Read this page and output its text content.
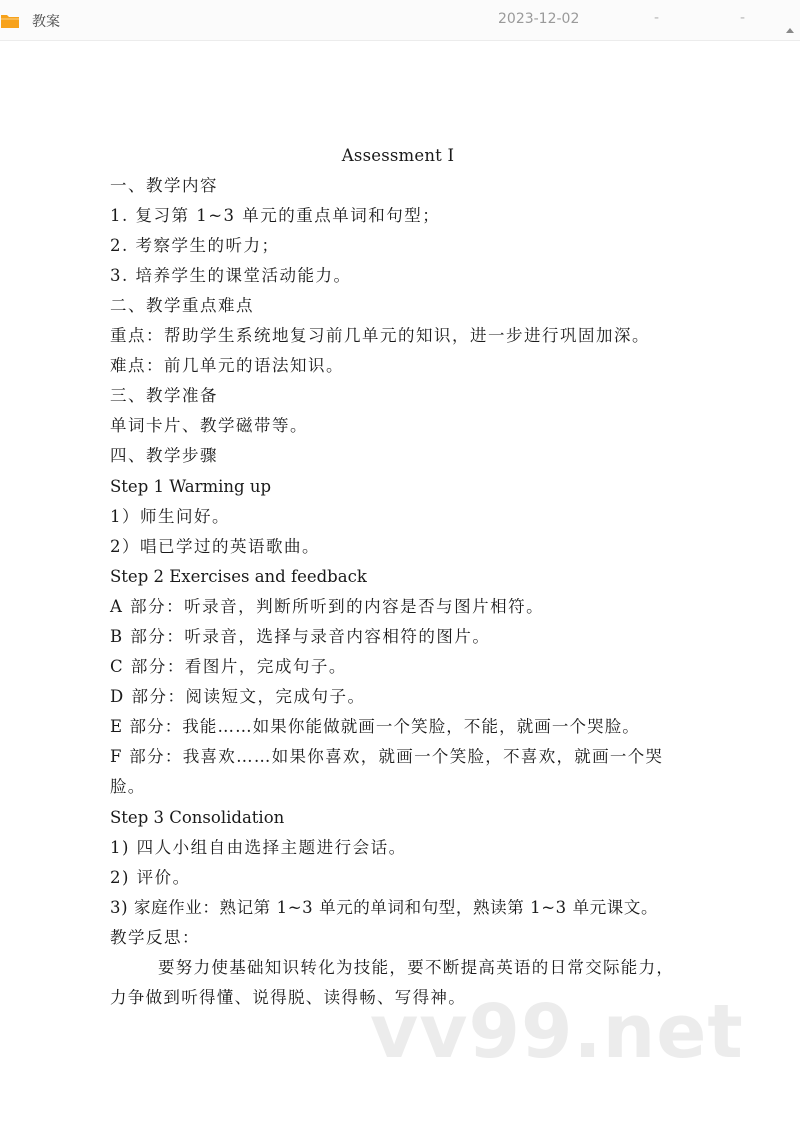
教案	2023-12-02	-	-
Assessment I
一、教学内容
1. 复习第 1~3 单元的重点单词和句型；
2. 考察学生的听力；
3. 培养学生的课堂活动能力。
二、教学重点难点
重点：帮助学生系统地复习前几单元的知识，进一步进行巩固加深。
难点：前几单元的语法知识。
三、教学准备
单词卡片、教学磁带等。
四、教学步骤
Step 1 Warming up
1）师生问好。
2）唱已学过的英语歌曲。
Step 2 Exercises and feedback
A 部分：听录音，判断所听到的内容是否与图片相符。
B 部分：听录音，选择与录音内容相符的图片。
C 部分：看图片，完成句子。
D 部分：阅读短文，完成句子。
E 部分：我能……如果你能做就画一个笑脸，不能，就画一个哭脸。
F 部分：我喜欢……如果你喜欢，就画一个笑脸，不喜欢，就画一个哭脸。
Step 3 Consolidation
1) 四人小组自由选择主题进行会话。
2) 评价。
3) 家庭作业：熟记第 1~3 单元的单词和句型，熟读第 1~3 单元课文。
教学反思：
要努力使基础知识转化为技能，要不断提高英语的日常交际能力，力争做到听得懂、说得脱、读得畅、写得神。
vv99.net
